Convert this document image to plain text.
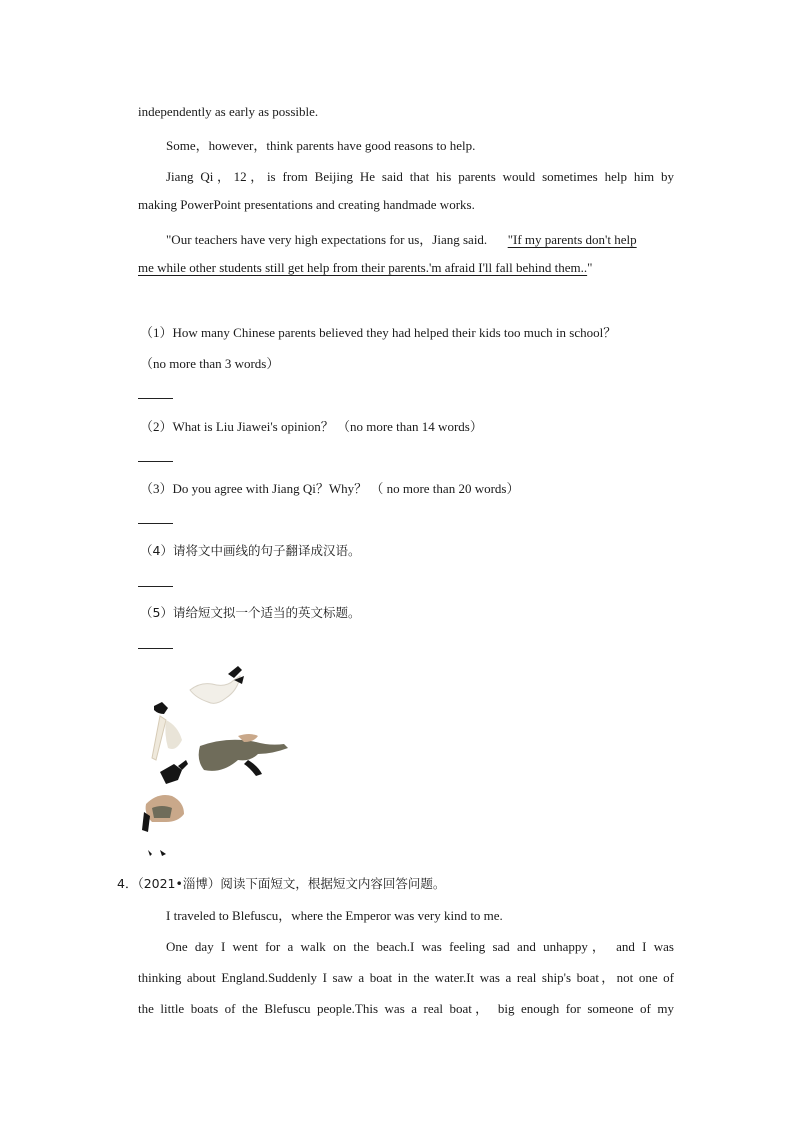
independently as early as possible.
Some，however，think parents have good reasons to help.
Jiang Qi，12，is from Beijing He said that his parents would sometimes help him by
making PowerPoint presentations and creating handmade works.
"Our teachers have very high expectations for us，Jiang said. "If my parents don't help
me while other students still get help from their parents.'m afraid I'll fall behind them.."
（1）How many Chinese parents believed they had helped their kids too much in school？
（no more than 3 words）
（2）What is Liu Jiawei's opinion？ （no more than 14 words）
（3）Do you agree with Jiang Qi？Why？ （ no more than 20 words）
（4）请将文中画线的句子翻译成汉语。
（5）请给短文拟一个适当的英文标题。
4．（2021•淄博）阅读下面短文，根据短文内容回答问题。
I traveled to Blefuscu，where the Emperor was very kind to me.
One day I went for a walk on the beach.I was feeling sad and unhappy， and I was
thinking about England.Suddenly I saw a boat in the water.It was a real ship's boat，not one of
the little boats of the Blefuscu people.This was a real boat， big enough for someone of my
